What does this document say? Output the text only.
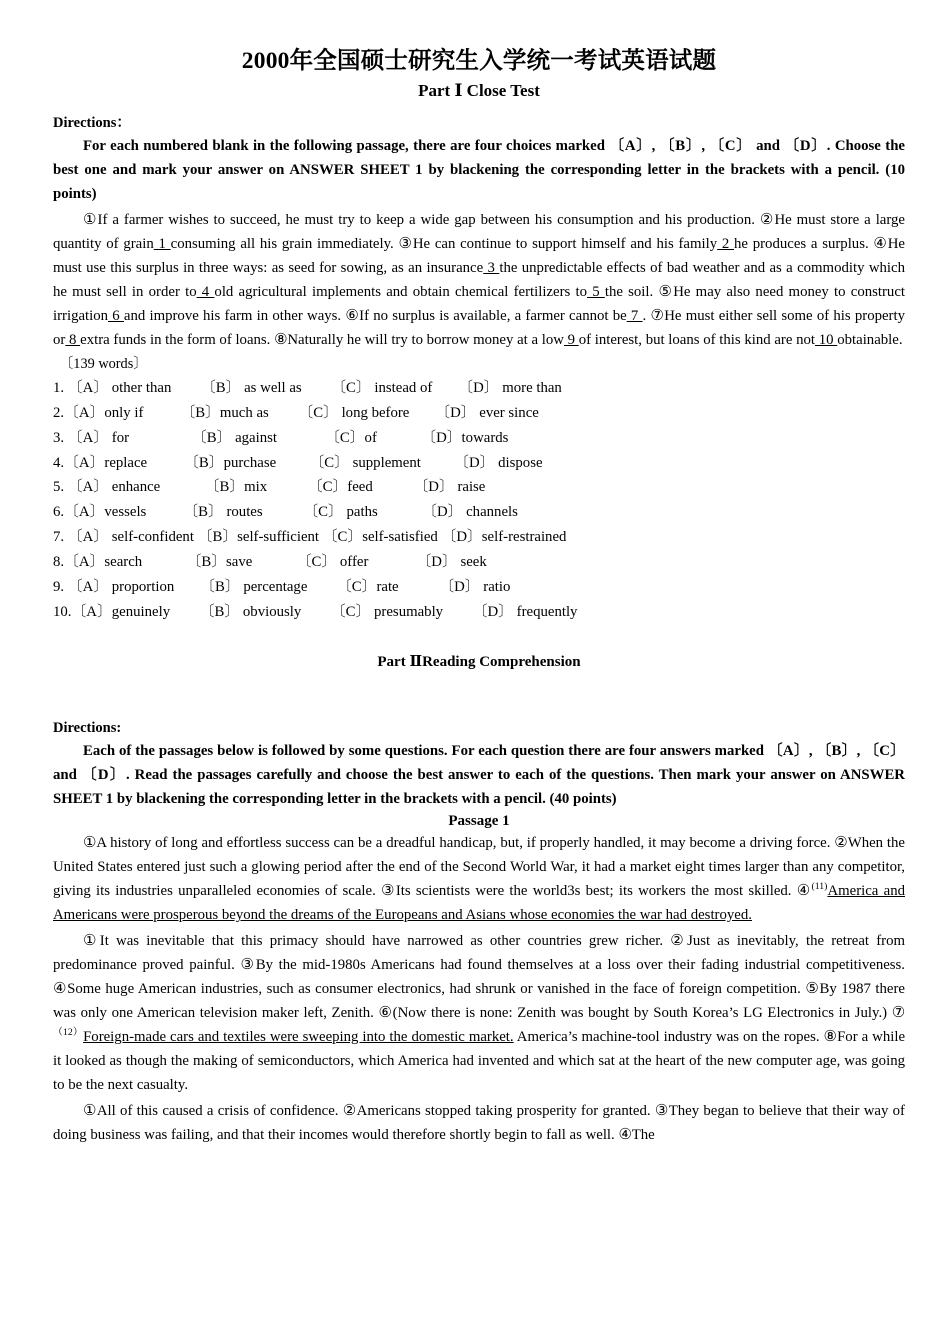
2000年全国硕士研究生入学统一考试英语试题
Part Ⅰ Close Test
Directions：
For each numbered blank in the following passage, there are four choices marked 〔A〕, 〔B〕, 〔C〕 and 〔D〕. Choose the best one and mark your answer on ANSWER SHEET 1 by blackening the corresponding letter in the brackets with a pencil. (10 points)
①If a farmer wishes to succeed, he must try to keep a wide gap between his consumption and his production. ②He must store a large quantity of grain 1 consuming all his grain immediately. ③He can continue to support himself and his family 2 he produces a surplus. ④He must use this surplus in three ways: as seed for sowing, as an insurance 3 the unpredictable effects of bad weather and as a commodity which he must sell in order to 4 old agricultural implements and obtain chemical fertilizers to 5 the soil. ⑤He may also need money to construct irrigation 6 and improve his farm in other ways. ⑥If no surplus is available, a farmer cannot be 7 . ⑦He must either sell some of his property or 8 extra funds in the form of loans. ⑧Naturally he will try to borrow money at a low 9 of interest, but loans of this kind are not 10 obtainable.
〔139 words〕
1. 〔A〕 other than 〔B〕 as well as 〔C〕 instead of 〔D〕 more than
2.〔A〕only if	〔B〕much as 〔C〕 long before 〔D〕 ever since
3. 〔A〕 for	〔B〕 against	〔C〕of	〔D〕towards
4.〔A〕replace	〔B〕purchase 〔C〕 supplement 〔D〕 dispose
5. 〔A〕 enhance	〔B〕mix	〔C〕feed	〔D〕 raise
6.〔A〕vessels	〔B〕 routes	〔C〕 paths	〔D〕 channels
7. 〔A〕 self-confident 〔B〕self-sufficient 〔C〕self-satisfied 〔D〕self-restrained
8.〔A〕search	〔B〕save	〔C〕 offer	〔D〕 seek
9. 〔A〕 proportion 〔B〕 percentage 〔C〕rate	〔D〕 ratio
10.〔A〕genuinely 〔B〕 obviously 〔C〕 presumably 〔D〕 frequently
Part ⅡReading Comprehension
Directions:
Each of the passages below is followed by some questions. For each question there are four answers marked 〔A〕, 〔B〕, 〔C〕 and 〔D〕. Read the passages carefully and choose the best answer to each of the questions. Then mark your answer on ANSWER SHEET 1 by blackening the corresponding letter in the brackets with a pencil. (40 points)
Passage 1
①A history of long and effortless success can be a dreadful handicap, but, if properly handled, it may become a driving force. ②When the United States entered just such a glowing period after the end of the Second World War, it had a market eight times larger than any competitor, giving its industries unparalleled economies of scale. ③Its scientists were the world3s best; its workers the most skilled. ④$^{(11)}$America and Americans were prosperous beyond the dreams of the Europeans and Asians whose economies the war had destroyed.
①It was inevitable that this primacy should have narrowed as other countries grew richer. ②Just as inevitably, the retreat from predominance proved painful. ③By the mid-1980s Americans had found themselves at a loss over their fading industrial competitiveness. ④Some huge American industries, such as consumer electronics, had shrunk or vanished in the face of foreign competition. ⑤By 1987 there was only one American television maker left, Zenith. ⑥(Now there is none: Zenith was bought by South Korea’s LG Electronics in July.) ⑦ $^{(12)}$Foreign-made cars and textiles were sweeping into the domestic market. America’s machine-tool industry was on the ropes. ⑧For a while it looked as though the making of semiconductors, which America had invented and which sat at the heart of the new computer age, was going to be the next casualty.
①All of this caused a crisis of confidence. ②Americans stopped taking prosperity for granted. ③They began to believe that their way of doing business was failing, and that their incomes would therefore shortly begin to fall as well. ④The
